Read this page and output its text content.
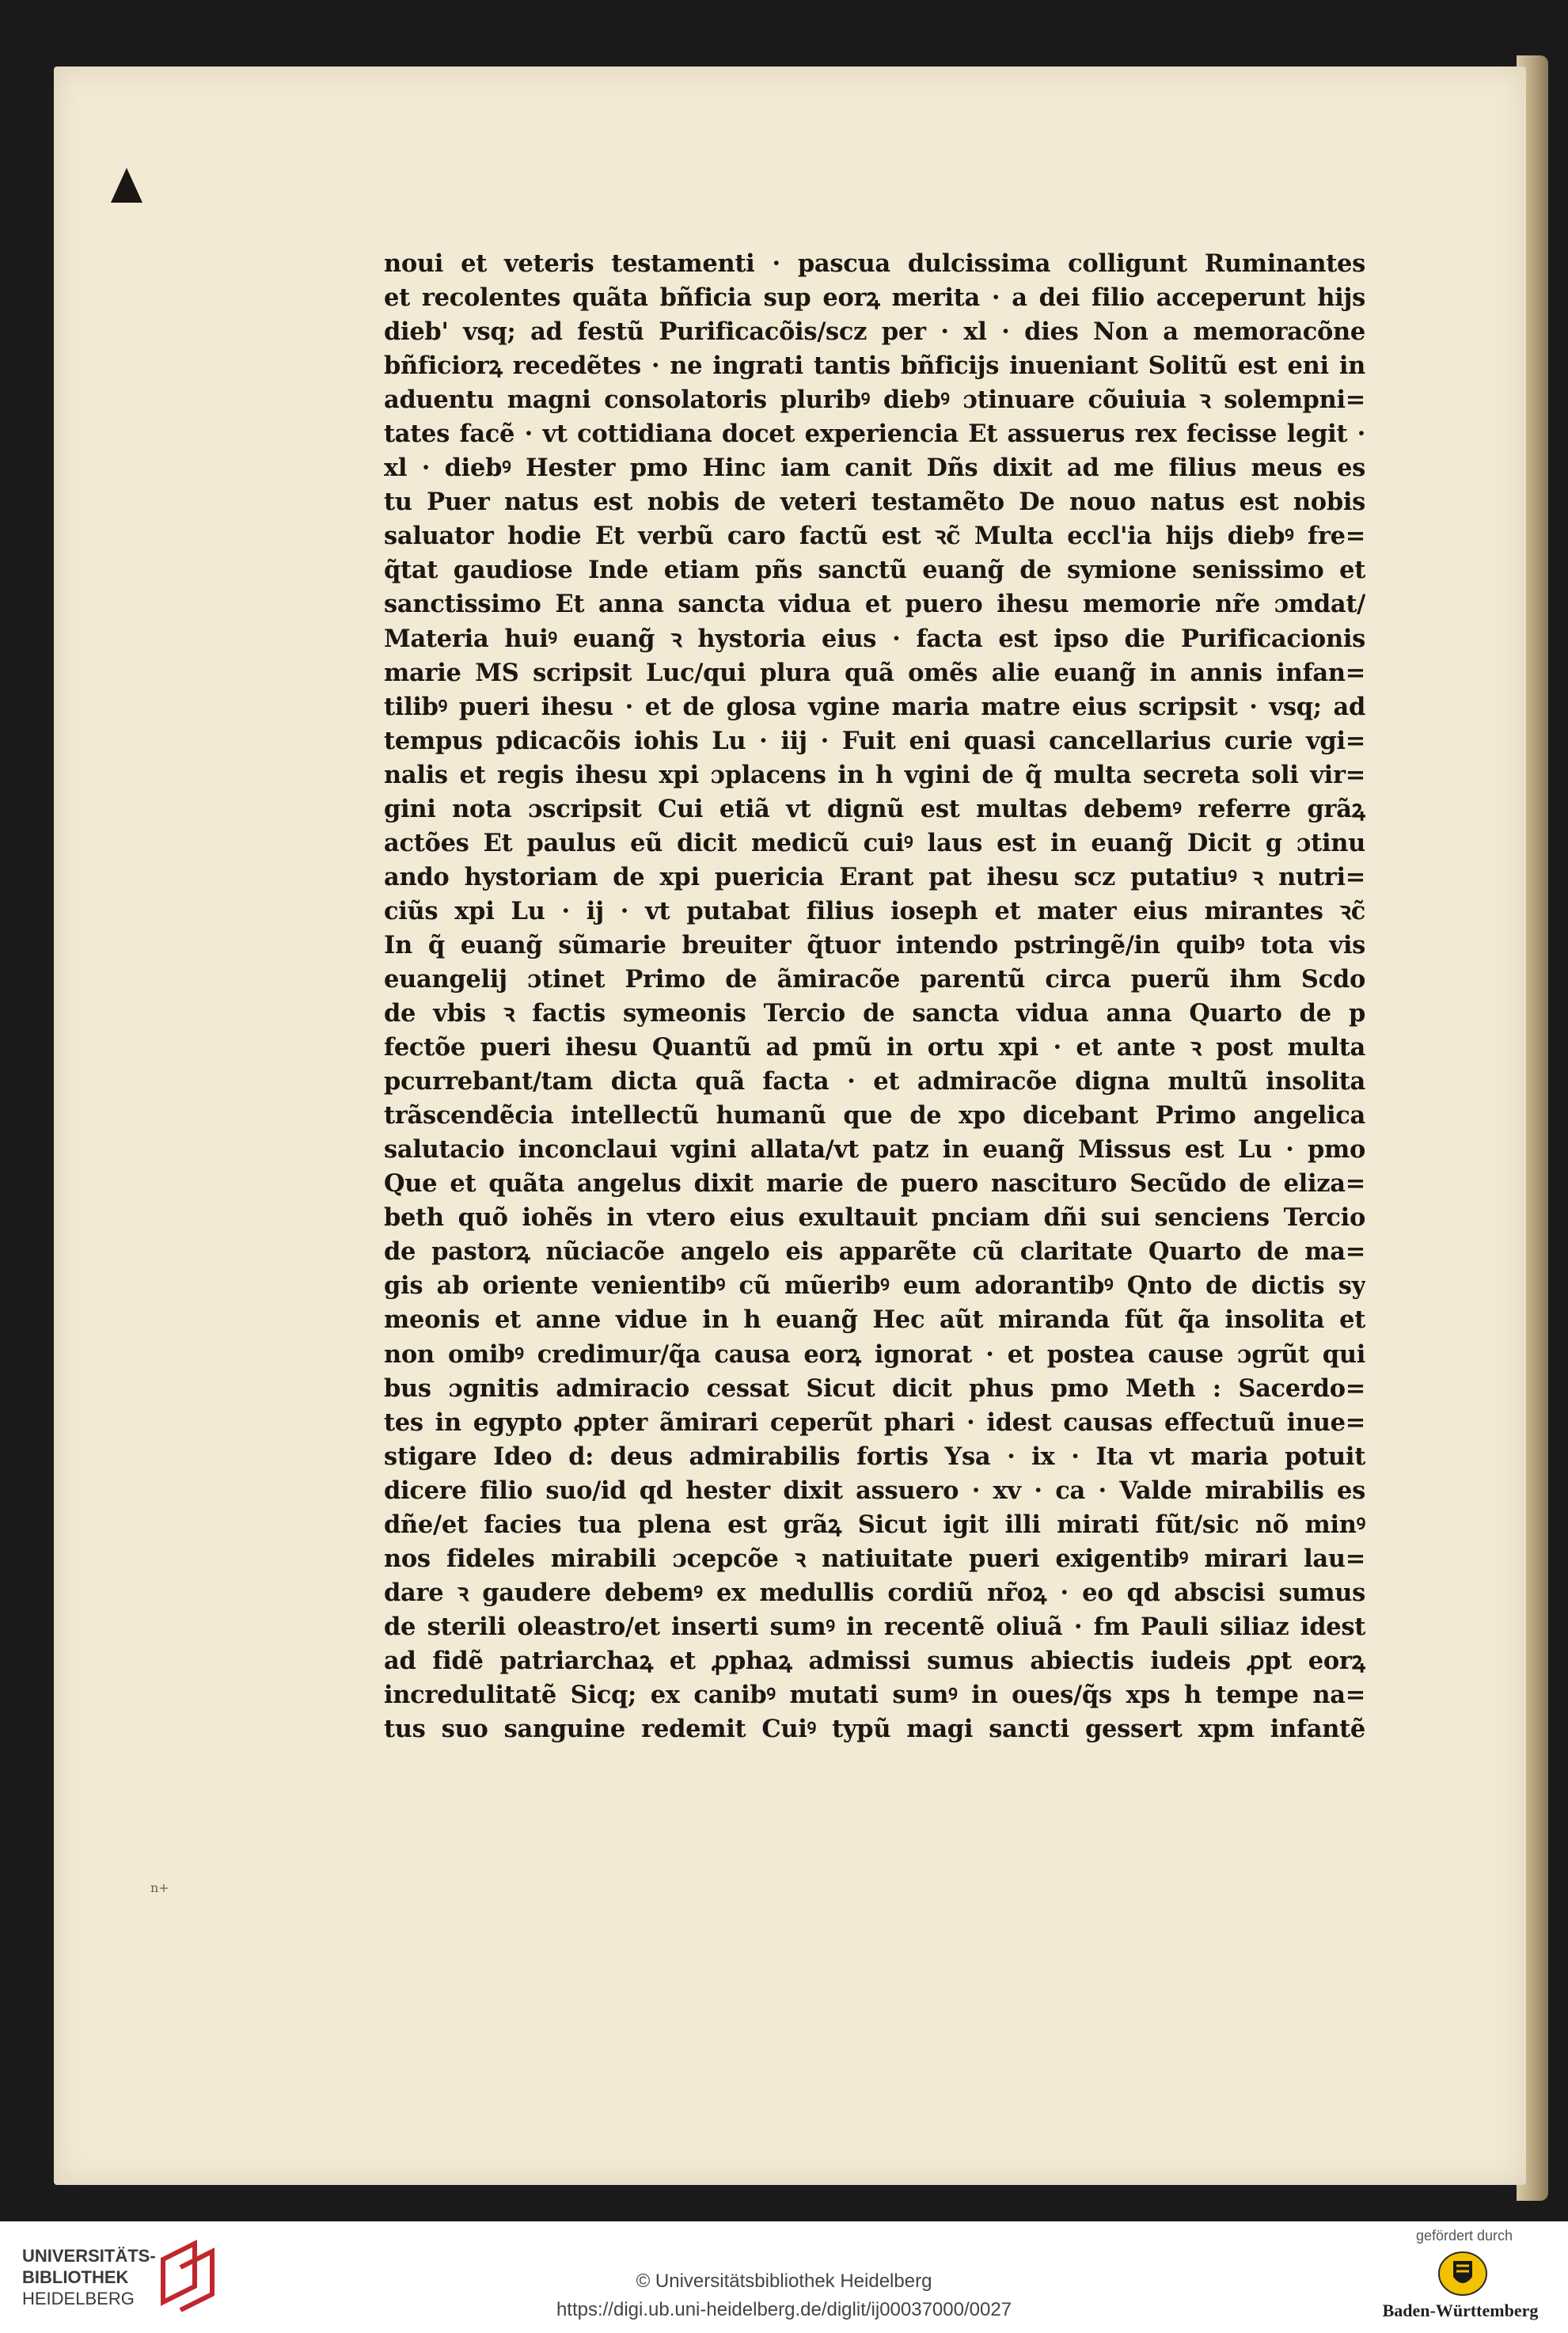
noui et veteris testamenti · pascua dulcissima colligunt Ruminantes
et recolentes quãta bñficia sup eorꝝ merita · a dei filio acceperunt hijs
dieb' vsq; ad festũ Purificacõis/scz per · xl · dies Non a memoracõne
bñficiorꝝ recedẽtes · ne ingrati tantis bñficijs inueniant Solitũ est eni in
aduentu magni consolatoris pluribꝰ diebꝰ ɔtinuare cõuiuia ꝛ solempni=
tates facẽ · vt cottidiana docet experiencia Et assuerus rex fecisse legit ·
xl · diebꝰ Hester pmo Hinc iam canit Dñs dixit ad me filius meus es
tu Puer natus est nobis de veteri testamẽto De nouo natus est nobis
saluator hodie Et verbũ caro factũ est ꝛc̃ Multa eccl'ia hijs diebꝰ fre=
q̃tat gaudiose Inde etiam pñs sanctũ euang̃ de symione senissimo et
sanctissimo Et anna sancta vidua et puero ihesu memorie nr̃e ɔmdat/
Materia huiꝰ euang̃ ꝛ hystoria eius · facta est ipso die Purificacionis
marie MS scripsit Luc/qui plura quã omẽs alie euang̃ in annis infan=
tilibꝰ pueri ihesu · et de glosa vgine maria matre eius scripsit · vsq; ad
tempus pdicacõis iohis Lu · iij · Fuit eni quasi cancellarius curie vgi=
nalis et regis ihesu xpi ɔplacens in h vgini de q̃ multa secreta soli vir=
gini nota ɔscripsit Cui etiã vt dignũ est multas debemꝰ referre grãꝝ
actões Et paulus eũ dicit medicũ cuiꝰ laus est in euang̃ Dicit g ɔtinu
ando hystoriam de xpi puericia Erant pat ihesu scz putatiuꝰ ꝛ nutri=
ciũs xpi Lu · ij · vt putabat filius ioseph et mater eius mirantes ꝛc̃
In q̃ euang̃ sũmarie breuiter q̃tuor intendo pstringẽ/in quibꝰ tota vis
euangelij ɔtinet Primo de ãmiracõe parentũ circa puerũ ihm Scdo
de vbis ꝛ factis symeonis Tercio de sancta vidua anna Quarto de p
fectõe pueri ihesu Quantũ ad pmũ in ortu xpi · et ante ꝛ post multa
pcurrebant/tam dicta quã facta · et admiracõe digna multũ insolita
trãscendẽcia intellectũ humanũ que de xpo dicebant Primo angelica
salutacio inconclaui vgini allata/vt patz in euang̃ Missus est Lu · pmo
Que et quãta angelus dixit marie de puero nascituro Secũdo de eliza=
beth quõ iohẽs in vtero eius exultauit pnciam dñi sui senciens Tercio
de pastorꝝ nũciacõe angelo eis apparẽte cũ claritate Quarto de ma=
gis ab oriente venientibꝰ cũ mũeribꝰ eum adorantibꝰ Qnto de dictis sy
meonis et anne vidue in h euang̃ Hec aũt miranda fũt q̃a insolita et
non omibꝰ credimur/q̃a causa eorꝝ ignorat · et postea cause ɔgrũt qui
bus ɔgnitis admiracio cessat Sicut dicit phus pmo Meth : Sacerdo=
tes in egypto ꝓpter ãmirari ceperũt phari · idest causas effectuũ inue=
stigare Ideo d: deus admirabilis fortis Ysa · ix · Ita vt maria potuit
dicere filio suo/id qd hester dixit assuero · xv · ca · Valde mirabilis es
dñe/et facies tua plena est grãꝝ Sicut igit illi mirati fũt/sic nõ minꝰ
nos fideles mirabili ɔcepcõe ꝛ natiuitate pueri exigentibꝰ mirari lau=
dare ꝛ gaudere debemꝰ ex medullis cordiũ nr̃oꝝ · eo qd abscisi sumus
de sterili oleastro/et inserti sumꝰ in recentẽ oliuã · fm Pauli siliaz idest
ad fidẽ patriarchaꝝ et ꝓphaꝝ admissi sumus abiectis iudeis ꝓpt eorꝝ
incredulitatẽ Sicq; ex canibꝰ mutati sumꝰ in oues/q̃s xps h tempe na=
tus suo sanguine redemit Cuiꝰ typũ magi sancti gessert xpm infantẽ
n+
UNIVERSITÄTS-
BIBLIOTHEK
HEIDELBERG
© Universitätsbibliothek Heidelberg
https://digi.ub.uni-heidelberg.de/diglit/ij00037000/0027
gefördert durch
Baden-Württemberg
